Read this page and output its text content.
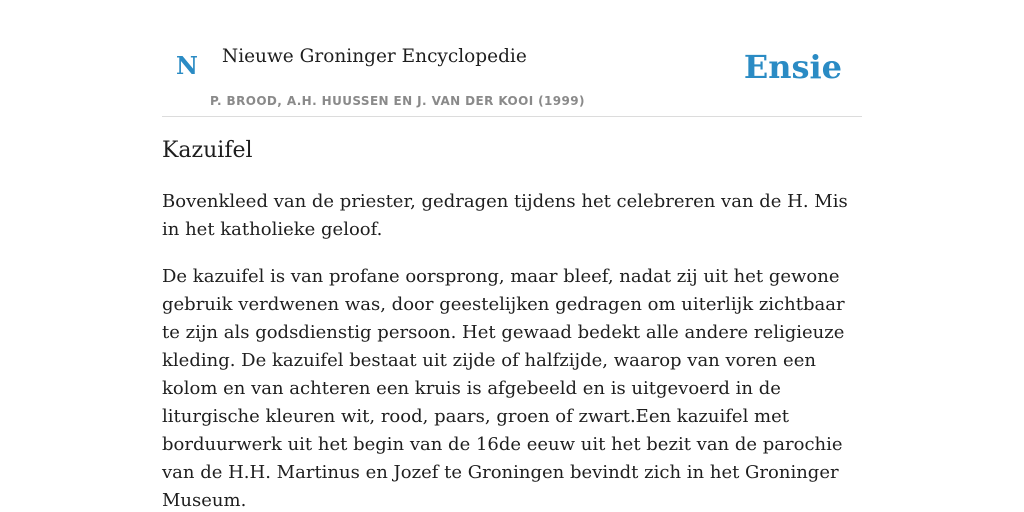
N Nieuwe Groninger Encyclopedie
P. BROOD, A.H. HUUSSEN EN J. VAN DER KOOI (1999)
Ensie
Kazuifel

Bovenkleed van de priester, gedragen tijdens het celebreren van de H. Mis in het katholieke geloof.

De kazuifel is van profane oorsprong, maar bleef, nadat zij uit het gewone gebruik verdwenen was, door geestelijken gedragen om uiterlijk zichtbaar te zijn als godsdienstig persoon. Het gewaad bedekt alle andere religieuze kleding. De kazuifel bestaat uit zijde of halfzijde, waarop van voren een kolom en van achteren een kruis is afgebeeld en is uitgevoerd in de liturgische kleuren wit, rood, paars, groen of zwart.Een kazuifel met borduurwerk uit het begin van de 16de eeuw uit het bezit van de parochie van de H.H. Martinus en Jozef te Groningen bevindt zich in het Groninger Museum.
